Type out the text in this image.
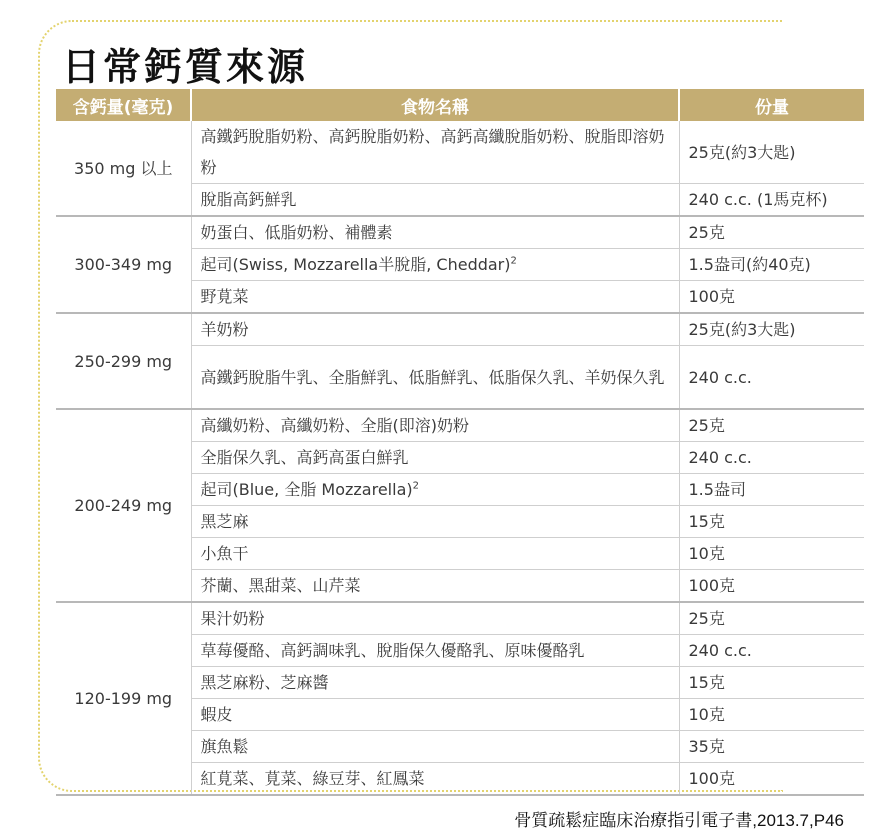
日常鈣質來源
含鈣量(毫克)	食物名稱	份量
350 mg 以上	高鐵鈣脫脂奶粉、高鈣脫脂奶粉、高鈣高纖脫脂奶粉、脫脂即溶奶粉	25克(約3大匙)
	脫脂高鈣鮮乳	240 c.c. (1馬克杯)
300-349 mg	奶蛋白、低脂奶粉、補體素	25克
	起司(Swiss, Mozzarella半脫脂, Cheddar)$^2$	1.5盎司(約40克)
	野莧菜	100克
250-299 mg	羊奶粉	25克(約3大匙)
	高鐵鈣脫脂牛乳、全脂鮮乳、低脂鮮乳、低脂保久乳、羊奶保久乳	240 c.c.
200-249 mg	高纖奶粉、高纖奶粉、全脂(即溶)奶粉	25克
	全脂保久乳、高鈣高蛋白鮮乳	240 c.c.
	起司(Blue, 全脂 Mozzarella)$^2$	1.5盎司
	黑芝麻	15克
	小魚干	10克
	芥蘭、黑甜菜、山芹菜	100克
120-199 mg	果汁奶粉	25克
	草莓優酪、高鈣調味乳、脫脂保久優酪乳、原味優酪乳	240 c.c.
	黑芝麻粉、芝麻醬	15克
	蝦皮	10克
	旗魚鬆	35克
	紅莧菜、莧菜、綠豆芽、紅鳳菜	100克
骨質疏鬆症臨床治療指引電子書,2013.7,P46
